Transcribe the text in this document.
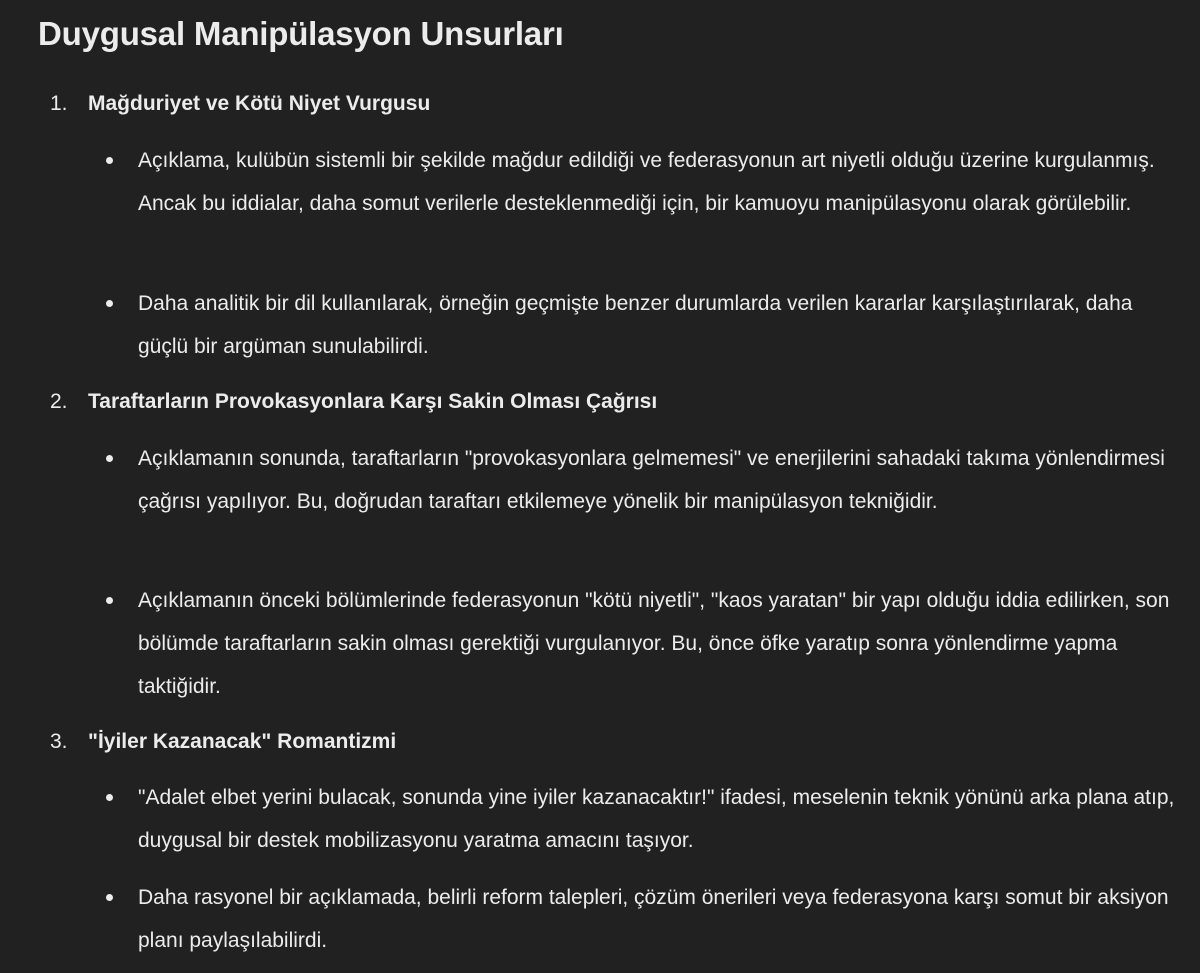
Duygusal Manipülasyon Unsurları
1. Mağduriyet ve Kötü Niyet Vurgusu
Açıklama, kulübün sistemli bir şekilde mağdur edildiği ve federasyonun art niyetli olduğu üzerine kurgulanmış. Ancak bu iddialar, daha somut verilerle desteklenmediği için, bir kamuoyu manipülasyonu olarak görülebilir.
Daha analitik bir dil kullanılarak, örneğin geçmişte benzer durumlarda verilen kararlar karşılaştırılarak, daha güçlü bir argüman sunulabilirdi.
2. Taraftarların Provokasyonlara Karşı Sakin Olması Çağrısı
Açıklamanın sonunda, taraftarların "provokasyonlara gelmemesi" ve enerjilerini sahadaki takıma yönlendirmesi çağrısı yapılıyor. Bu, doğrudan taraftarı etkilemeye yönelik bir manipülasyon tekniğidir.
Açıklamanın önceki bölümlerinde federasyonun "kötü niyetli", "kaos yaratan" bir yapı olduğu iddia edilirken, son bölümde taraftarların sakin olması gerektiği vurgulanıyor. Bu, önce öfke yaratıp sonra yönlendirme yapma taktiğidir.
3. "İyiler Kazanacak" Romantizmi
"Adalet elbet yerini bulacak, sonunda yine iyiler kazanacaktır!" ifadesi, meselenin teknik yönünü arka plana atıp, duygusal bir destek mobilizasyonu yaratma amacını taşıyor.
Daha rasyonel bir açıklamada, belirli reform talepleri, çözüm önerileri veya federasyona karşı somut bir aksiyon planı paylaşılabilirdi.
